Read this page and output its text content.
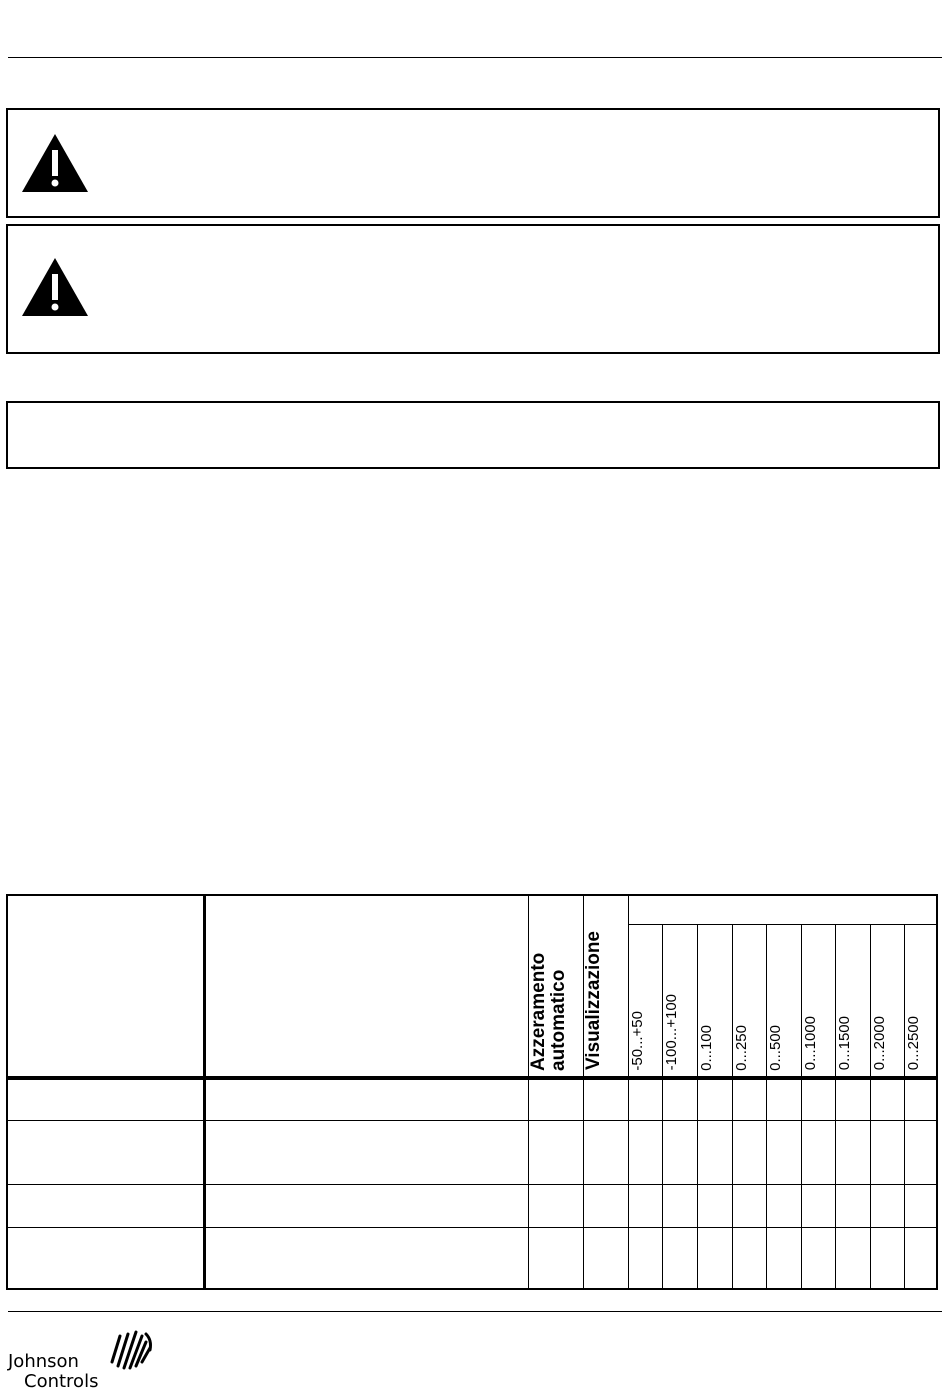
		Azzeramento automatico	Visualizzazione									
				-50...+50	-100...+100	0...100	0...250	0...500	0...1000	0...1500	0...2000	0...2500

Johnson
Controls
